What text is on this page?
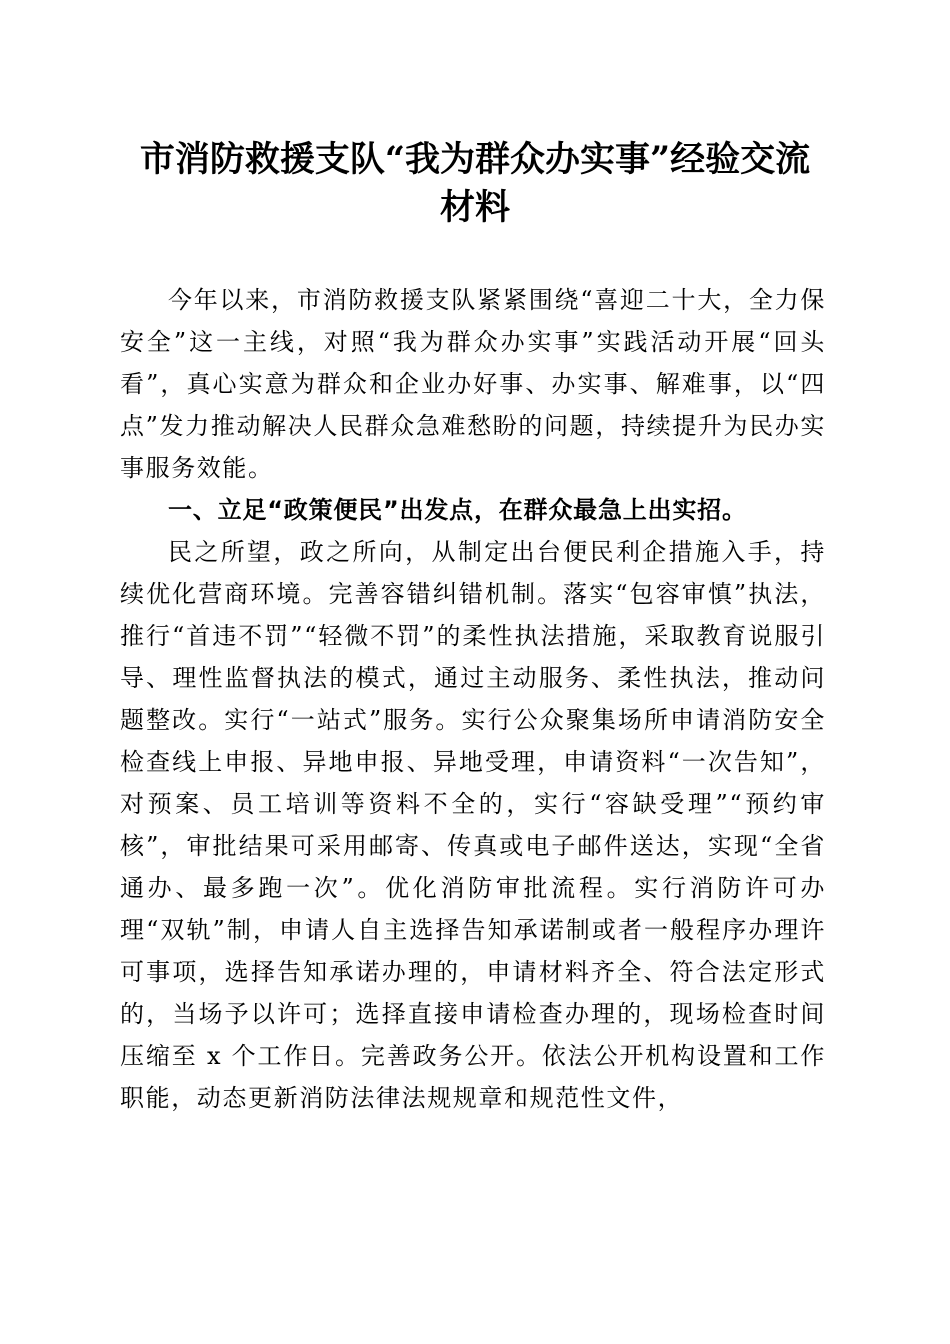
市消防救援支队“我为群众办实事”经验交流
材料

今年以来，市消防救援支队紧紧围绕“喜迎二十大，全力保安全”这一主线，对照“我为群众办实事”实践活动开展“回头看”，真心实意为群众和企业办好事、办实事、解难事，以“四点”发力推动解决人民群众急难愁盼的问题，持续提升为民办实事服务效能。

一、立足“政策便民”出发点，在群众最急上出实招。

民之所望，政之所向，从制定出台便民利企措施入手，持续优化营商环境。完善容错纠错机制。落实“包容审慎”执法，推行“首违不罚”“轻微不罚”的柔性执法措施，采取教育说服引导、理性监督执法的模式，通过主动服务、柔性执法，推动问题整改。实行“一站式”服务。实行公众聚集场所申请消防安全检查线上申报、异地申报、异地受理，申请资料“一次告知”，对预案、员工培训等资料不全的，实行“容缺受理”“预约审核”，审批结果可采用邮寄、传真或电子邮件送达，实现“全省通办、最多跑一次”。优化消防审批流程。实行消防许可办理“双轨”制，申请人自主选择告知承诺制或者一般程序办理许可事项，选择告知承诺办理的，申请材料齐全、符合法定形式的，当场予以许可；选择直接申请检查办理的，现场检查时间压缩至 x 个工作日。完善政务公开。依法公开机构设置和工作职能，动态更新消防法律法规规章和规范性文件，
